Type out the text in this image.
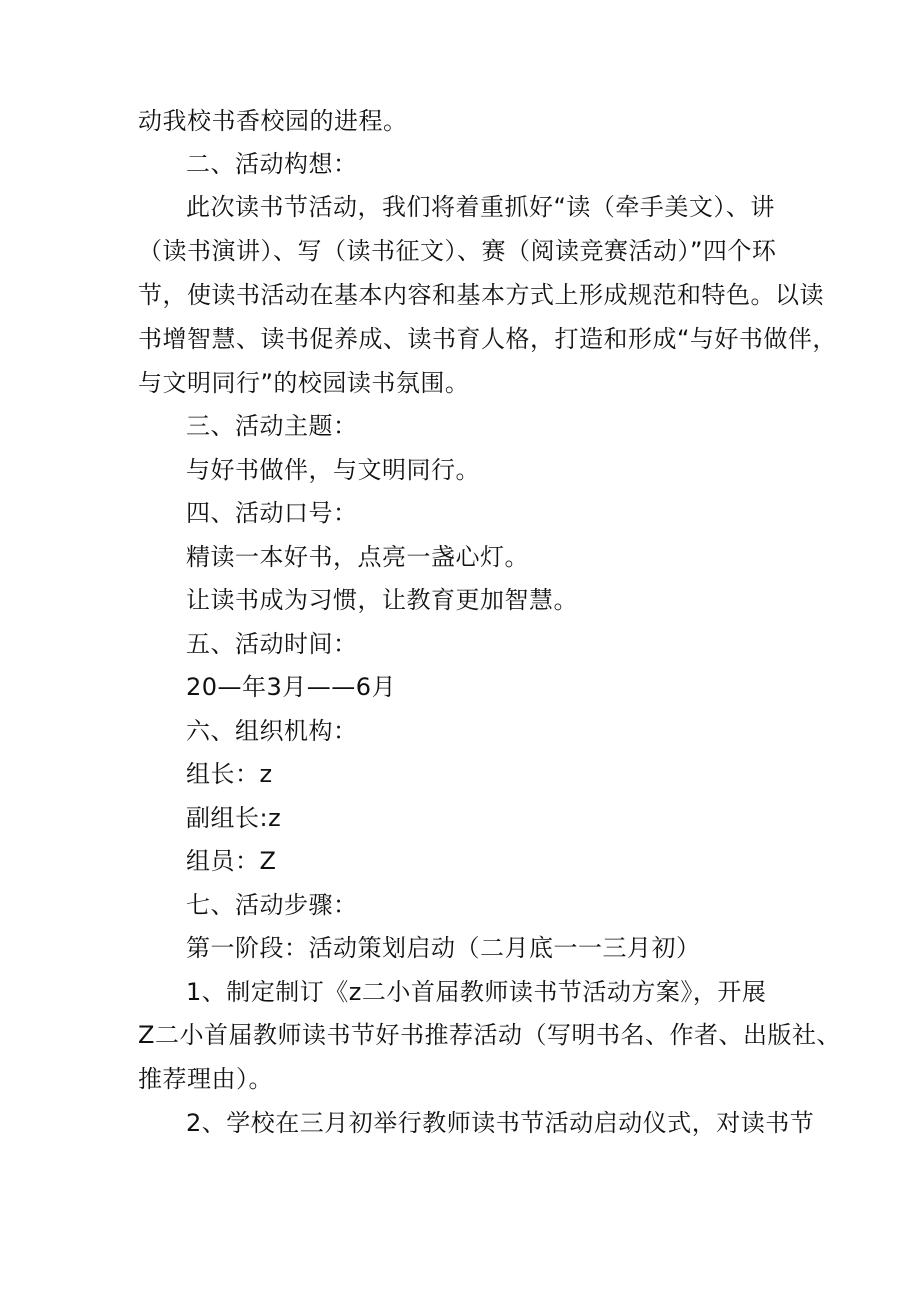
动我校书香校园的进程。
二、活动构想：
此次读书节活动，我们将着重抓好“读（牵手美文）、讲
（读书演讲）、写（读书征文）、赛（阅读竞赛活动）”四个环
节，使读书活动在基本内容和基本方式上形成规范和特色。以读
书增智慧、读书促养成、读书育人格，打造和形成“与好书做伴，
与文明同行”的校园读书氛围。
三、活动主题：
与好书做伴，与文明同行。
四、活动口号：
精读一本好书，点亮一盏心灯。
让读书成为习惯，让教育更加智慧。
五、活动时间：
20—年3月——6月
六、组织机构：
组长：z
副组长:z
组员：Z
七、活动步骤：
第一阶段：活动策划启动（二月底一一三月初）
1、制定制订《z二小首届教师读书节活动方案》，开展
Z二小首届教师读书节好书推荐活动（写明书名、作者、出版社、
推荐理由）。
2、学校在三月初举行教师读书节活动启动仪式，对读书节
